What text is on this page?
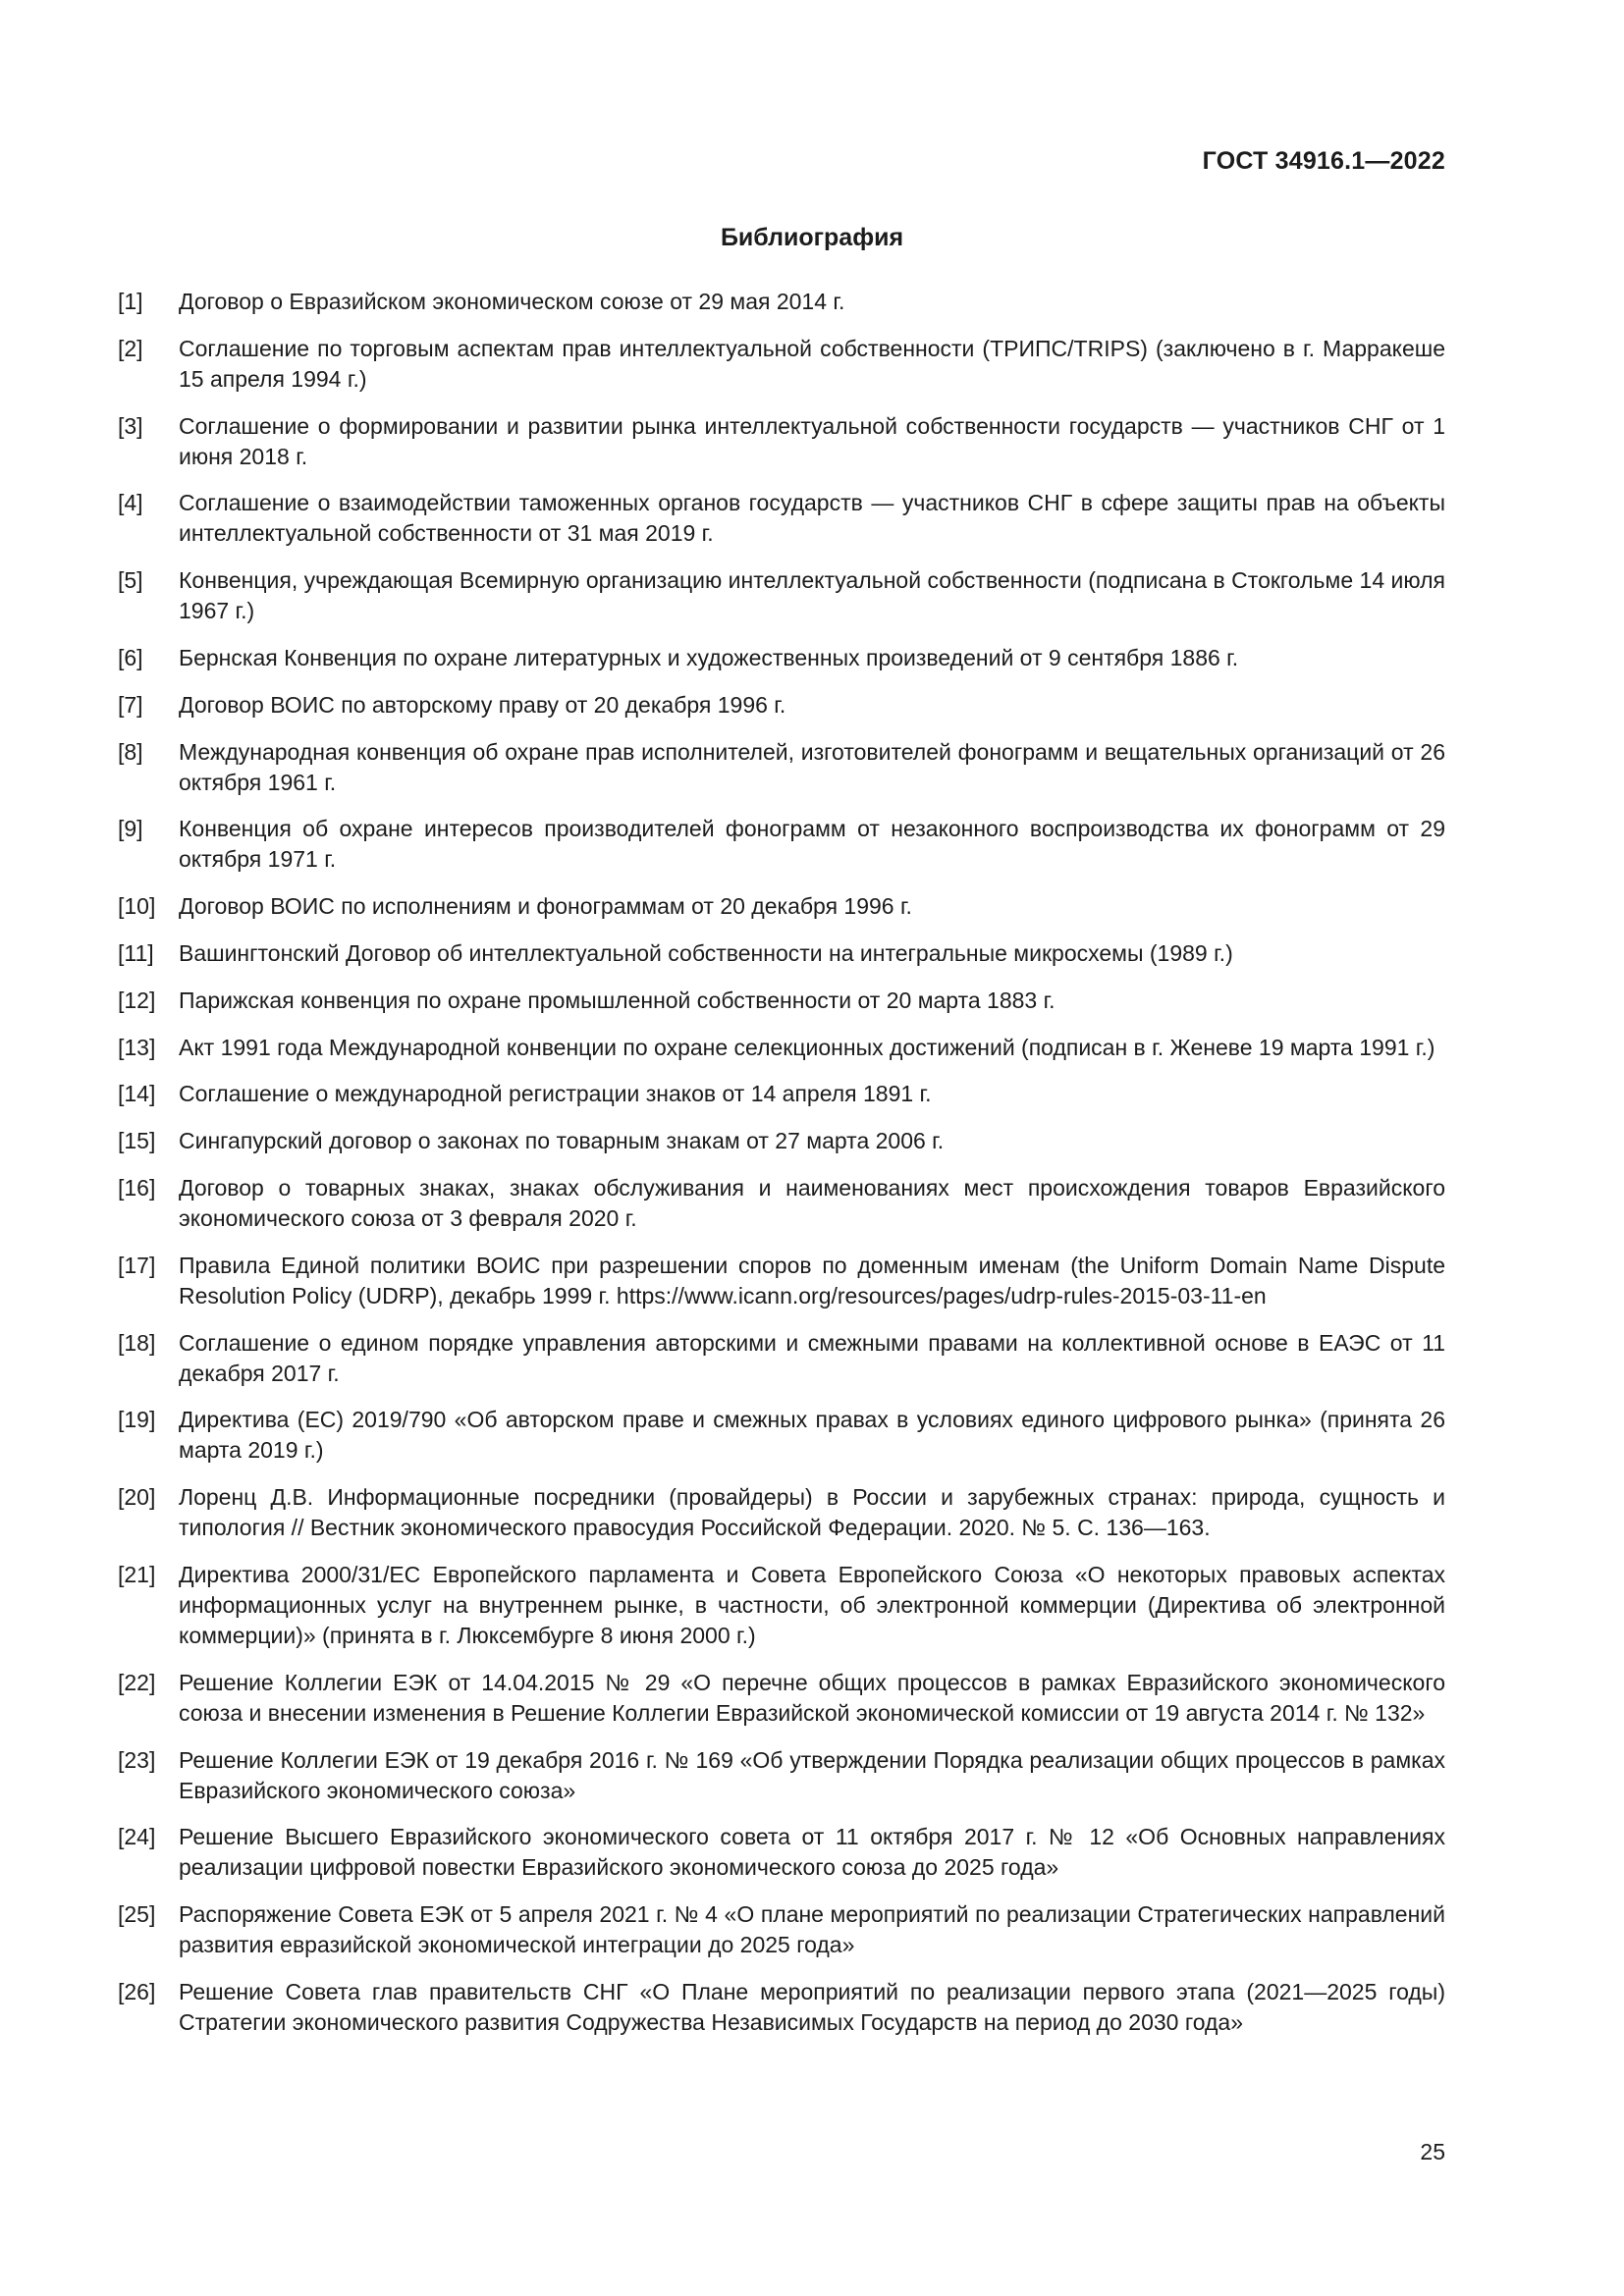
ГОСТ 34916.1—2022
Библиография
[1]	Договор о Евразийском экономическом союзе от 29 мая 2014 г.
[2]	Соглашение по торговым аспектам прав интеллектуальной собственности (ТРИПС/TRIPS) (заключено в г. Марракеше 15 апреля 1994 г.)
[3]	Соглашение о формировании и развитии рынка интеллектуальной собственности государств — участников СНГ от 1 июня 2018 г.
[4]	Соглашение о взаимодействии таможенных органов государств — участников СНГ в сфере защиты прав на объекты интеллектуальной собственности от 31 мая 2019 г.
[5]	Конвенция, учреждающая Всемирную организацию интеллектуальной собственности (подписана в Стокгольме 14 июля 1967 г.)
[6]	Бернская Конвенция по охране литературных и художественных произведений от 9 сентября 1886 г.
[7]	Договор ВОИС по авторскому праву от 20 декабря 1996 г.
[8]	Международная конвенция об охране прав исполнителей, изготовителей фонограмм и вещательных организаций от 26 октября 1961 г.
[9]	Конвенция об охране интересов производителей фонограмм от незаконного воспроизводства их фонограмм от 29 октября 1971 г.
[10]	Договор ВОИС по исполнениям и фонограммам от 20 декабря 1996 г.
[11]	Вашингтонский Договор об интеллектуальной собственности на интегральные микросхемы (1989 г.)
[12]	Парижская конвенция по охране промышленной собственности от 20 марта 1883 г.
[13]	Акт 1991 года Международной конвенции по охране селекционных достижений (подписан в г. Женеве 19 марта 1991 г.)
[14]	Соглашение о международной регистрации знаков от 14 апреля 1891 г.
[15]	Сингапурский договор о законах по товарным знакам от 27 марта 2006 г.
[16]	Договор о товарных знаках, знаках обслуживания и наименованиях мест происхождения товаров Евразийского экономического союза от 3 февраля 2020 г.
[17]	Правила Единой политики ВОИС при разрешении споров по доменным именам (the Uniform Domain Name Dispute Resolution Policy (UDRP), декабрь 1999 г. https://www.icann.org/resources/pages/udrp-rules-2015-03-11-en
[18]	Соглашение о едином порядке управления авторскими и смежными правами на коллективной основе в ЕАЭС от 11 декабря 2017 г.
[19]	Директива (ЕС) 2019/790 «Об авторском праве и смежных правах в условиях единого цифрового рынка» (принята 26 марта 2019 г.)
[20]	Лоренц Д.В. Информационные посредники (провайдеры) в России и зарубежных странах: природа, сущность и типология // Вестник экономического правосудия Российской Федерации. 2020. № 5. С. 136—163.
[21]	Директива 2000/31/ЕС Европейского парламента и Совета Европейского Союза «О некоторых правовых аспектах информационных услуг на внутреннем рынке, в частности, об электронной коммерции (Директива об электронной коммерции)» (принята в г. Люксембурге 8 июня 2000 г.)
[22]	Решение Коллегии ЕЭК от 14.04.2015 № 29 «О перечне общих процессов в рамках Евразийского экономического союза и внесении изменения в Решение Коллегии Евразийской экономической комиссии от 19 августа 2014 г. № 132»
[23]	Решение Коллегии ЕЭК от 19 декабря 2016 г. № 169 «Об утверждении Порядка реализации общих процессов в рамках Евразийского экономического союза»
[24]	Решение Высшего Евразийского экономического совета от 11 октября 2017 г. № 12 «Об Основных направлениях реализации цифровой повестки Евразийского экономического союза до 2025 года»
[25]	Распоряжение Совета ЕЭК от 5 апреля 2021 г. № 4 «О плане мероприятий по реализации Стратегических направлений развития евразийской экономической интеграции до 2025 года»
[26]	Решение Совета глав правительств СНГ «О Плане мероприятий по реализации первого этапа (2021—2025 годы) Стратегии экономического развития Содружества Независимых Государств на период до 2030 года»
25
